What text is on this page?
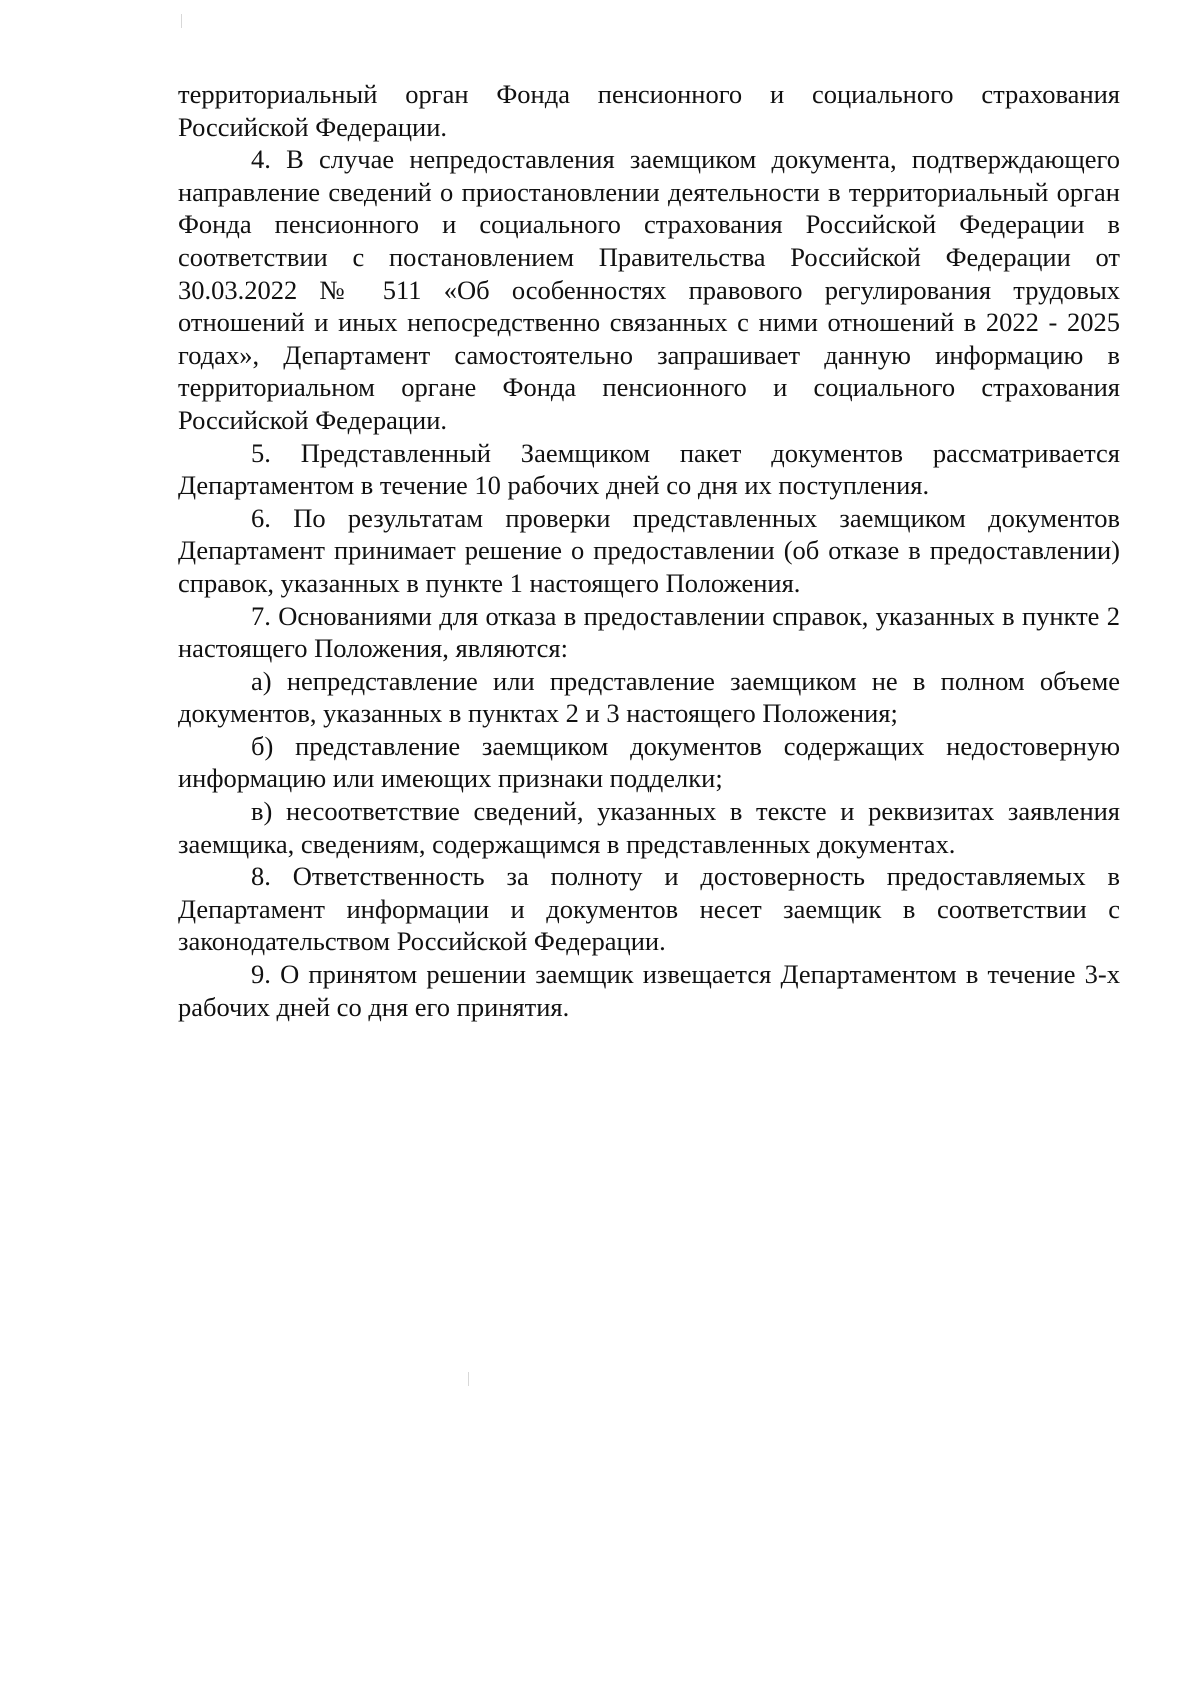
территориальный орган Фонда пенсионного и социального страхования Российской Федерации.

4. В случае непредоставления заемщиком документа, подтверждающего направление сведений о приостановлении деятельности в территориальный орган Фонда пенсионного и социального страхования Российской Федерации в соответствии с постановлением Правительства Российской Федерации от 30.03.2022 № 511 «Об особенностях правового регулирования трудовых отношений и иных непосредственно связанных с ними отношений в 2022 - 2025 годах», Департамент самостоятельно запрашивает данную информацию в территориальном органе Фонда пенсионного и социального страхования Российской Федерации.

5. Представленный Заемщиком пакет документов рассматривается Департаментом в течение 10 рабочих дней со дня их поступления.

6. По результатам проверки представленных заемщиком документов Департамент принимает решение о предоставлении (об отказе в предоставлении) справок, указанных в пункте 1 настоящего Положения.

7. Основаниями для отказа в предоставлении справок, указанных в пункте 2 настоящего Положения, являются:

а) непредставление или представление заемщиком не в полном объеме документов, указанных в пунктах 2 и 3 настоящего Положения;

б) представление заемщиком документов содержащих недостоверную информацию или имеющих признаки подделки;

в) несоответствие сведений, указанных в тексте и реквизитах заявления заемщика, сведениям, содержащимся в представленных документах.

8. Ответственность за полноту и достоверность предоставляемых в Департамент информации и документов несет заемщик в соответствии с законодательством Российской Федерации.

9. О принятом решении заемщик извещается Департаментом в течение 3-х рабочих дней со дня его принятия.
